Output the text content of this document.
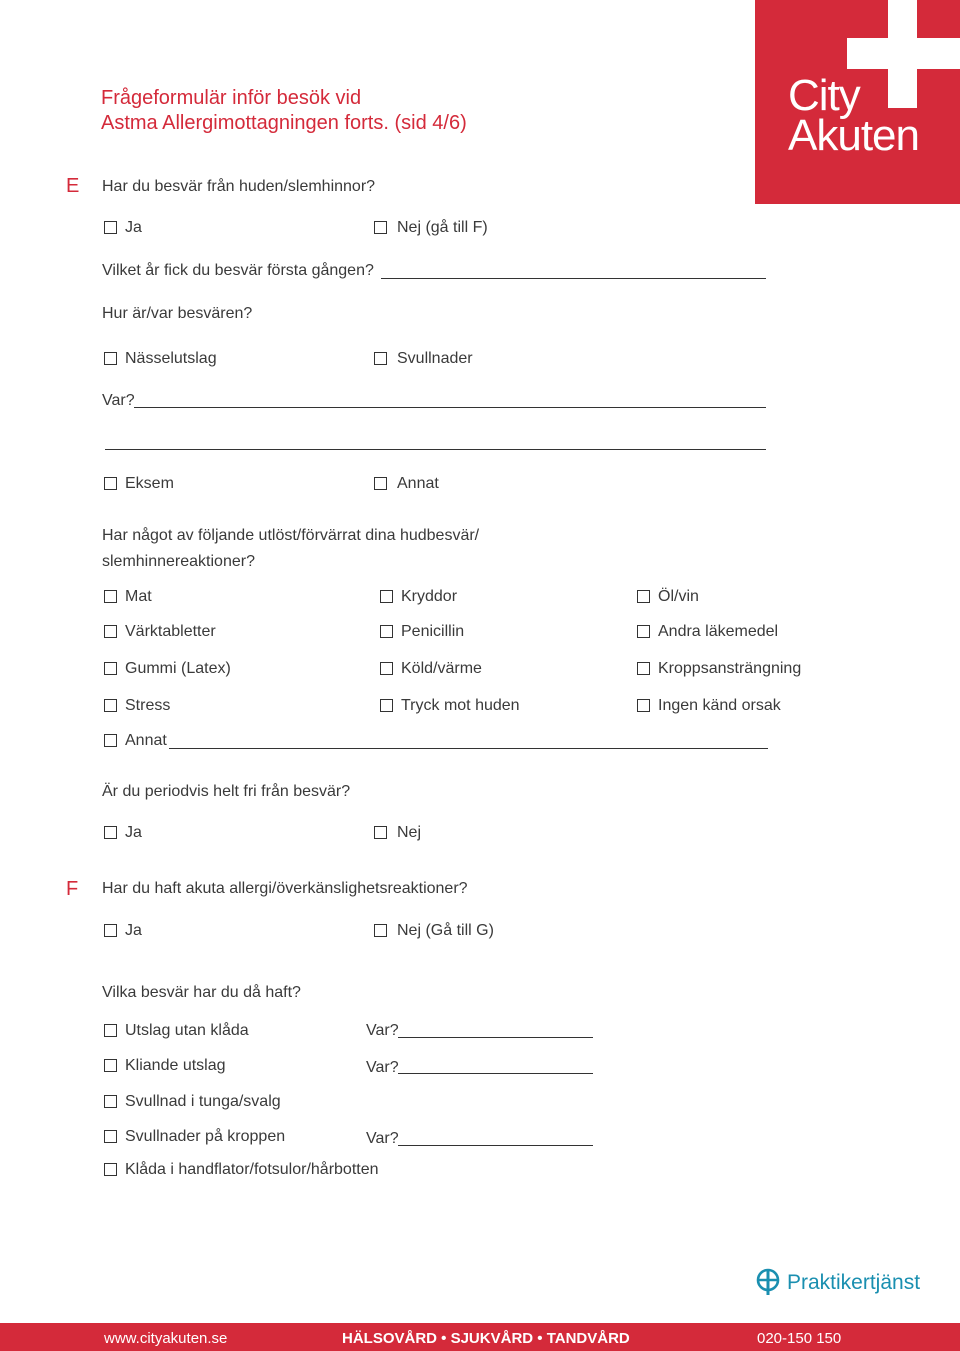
City
Akuten
Frågeformulär inför besök vid
Astma Allergimottagningen forts. (sid 4/6)
E Har du besvär från huden/slemhinnor?
Ja	Nej (gå till F)
Vilket år fick du besvär första gången?
Hur är/var besvären?
Nässelutslag	Svullnader
Var?
Eksem	Annat
Har något av följande utlöst/förvärrat dina hudbesvär/
slemhinnereaktioner?
Mat	Kryddor	Öl/vin
Värktabletter	Penicillin	Andra läkemedel
Gummi (Latex)	Köld/värme	Kroppsansträngning
Stress	Tryck mot huden	Ingen känd orsak
Annat
Är du periodvis helt fri från besvär?
Ja	Nej
F Har du haft akuta allergi/överkänslighetsreaktioner?
Ja	Nej (Gå till G)
Vilka besvär har du då haft?
Utslag utan klåda	Var?
Kliande utslag	Var?
Svullnad i tunga/svalg
Svullnader på kroppen	Var?
Klåda i handflator/fotsulor/hårbotten
Praktikertjänst
www.cityakuten.se	HÄLSOVÅRD • SJUKVÅRD • TANDVÅRD	020-150 150
